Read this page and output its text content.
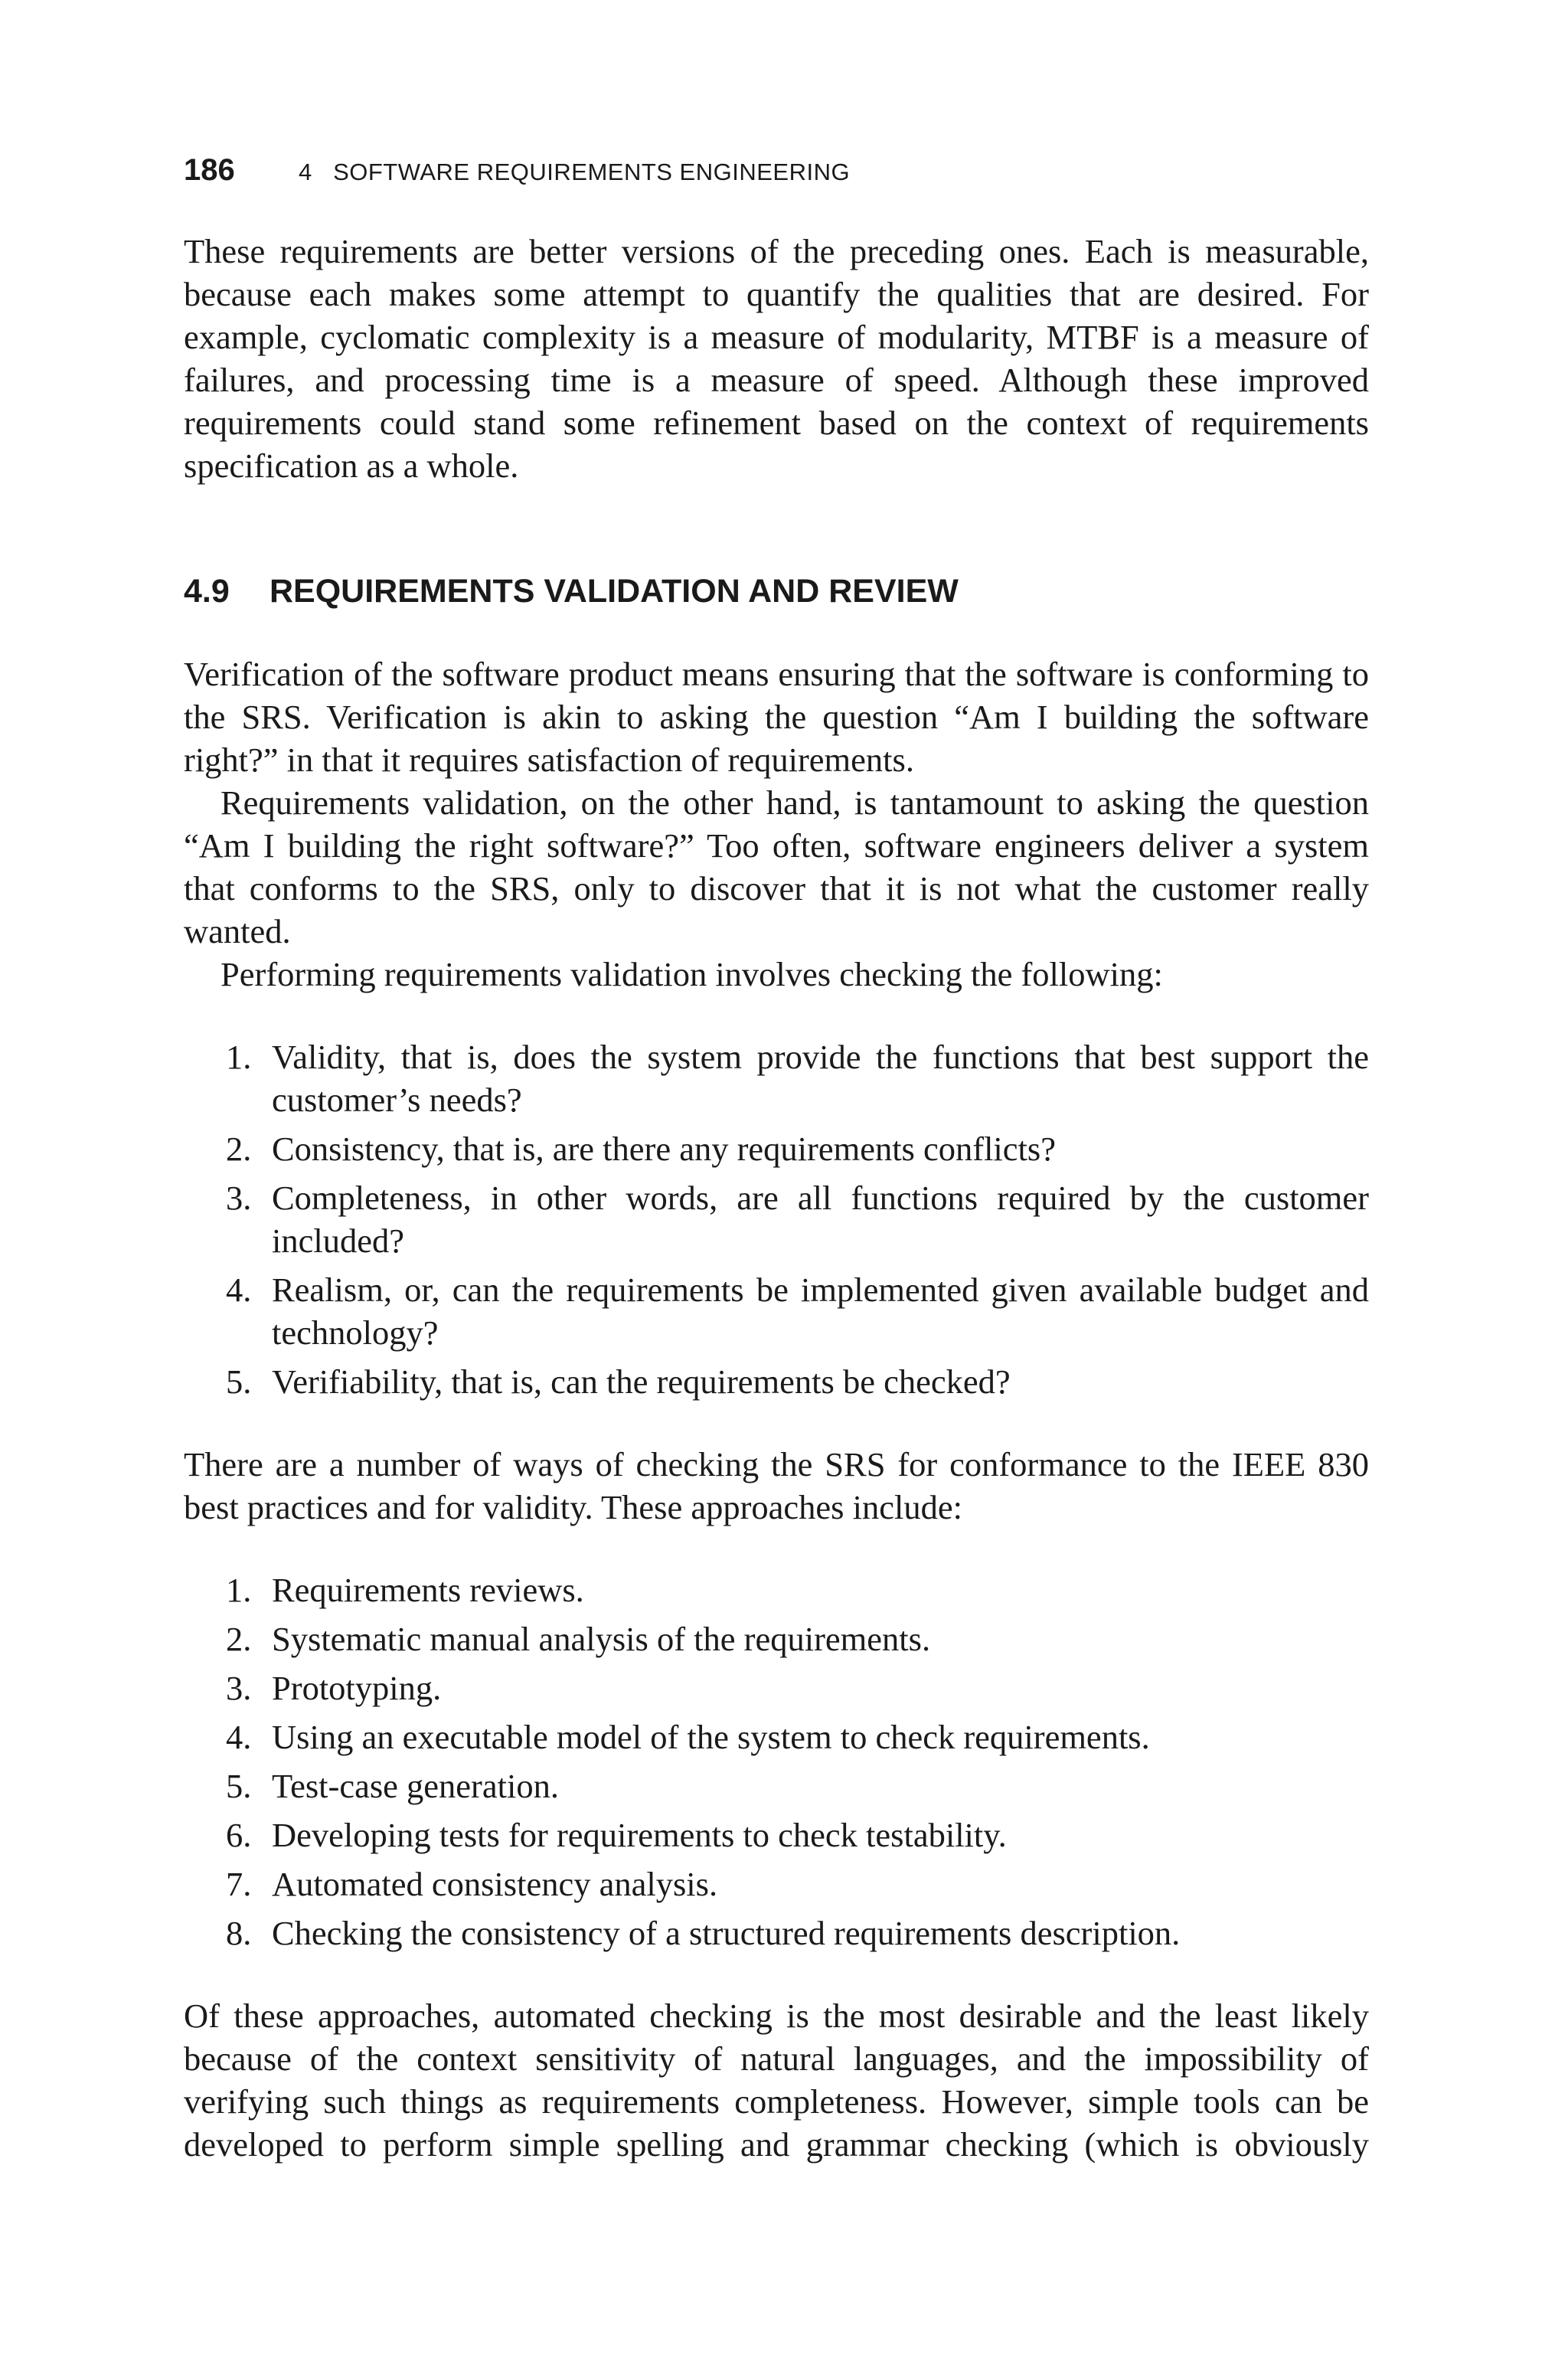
186	4   SOFTWARE REQUIREMENTS ENGINEERING

These requirements are better versions of the preceding ones. Each is measurable, because each makes some attempt to quantify the qualities that are desired. For example, cyclomatic complexity is a measure of modularity, MTBF is a measure of failures, and processing time is a measure of speed. Although these improved requirements could stand some refinement based on the context of requirements specification as a whole.

4.9 REQUIREMENTS VALIDATION AND REVIEW

Verification of the software product means ensuring that the software is conforming to the SRS. Verification is akin to asking the question “Am I building the software right?” in that it requires satisfaction of requirements.

Requirements validation, on the other hand, is tantamount to asking the question “Am I building the right software?” Too often, software engineers deliver a system that conforms to the SRS, only to discover that it is not what the customer really wanted.

Performing requirements validation involves checking the following:

1. Validity, that is, does the system provide the functions that best support the customer’s needs?
2. Consistency, that is, are there any requirements conflicts?
3. Completeness, in other words, are all functions required by the customer included?
4. Realism, or, can the requirements be implemented given available budget and technology?
5. Verifiability, that is, can the requirements be checked?

There are a number of ways of checking the SRS for conformance to the IEEE 830 best practices and for validity. These approaches include:

1. Requirements reviews.
2. Systematic manual analysis of the requirements.
3. Prototyping.
4. Using an executable model of the system to check requirements.
5. Test-case generation.
6. Developing tests for requirements to check testability.
7. Automated consistency analysis.
8. Checking the consistency of a structured requirements description.

Of these approaches, automated checking is the most desirable and the least likely because of the context sensitivity of natural languages, and the impossibility of verifying such things as requirements completeness. However, simple tools can be developed to perform simple spelling and grammar checking (which is obviously
